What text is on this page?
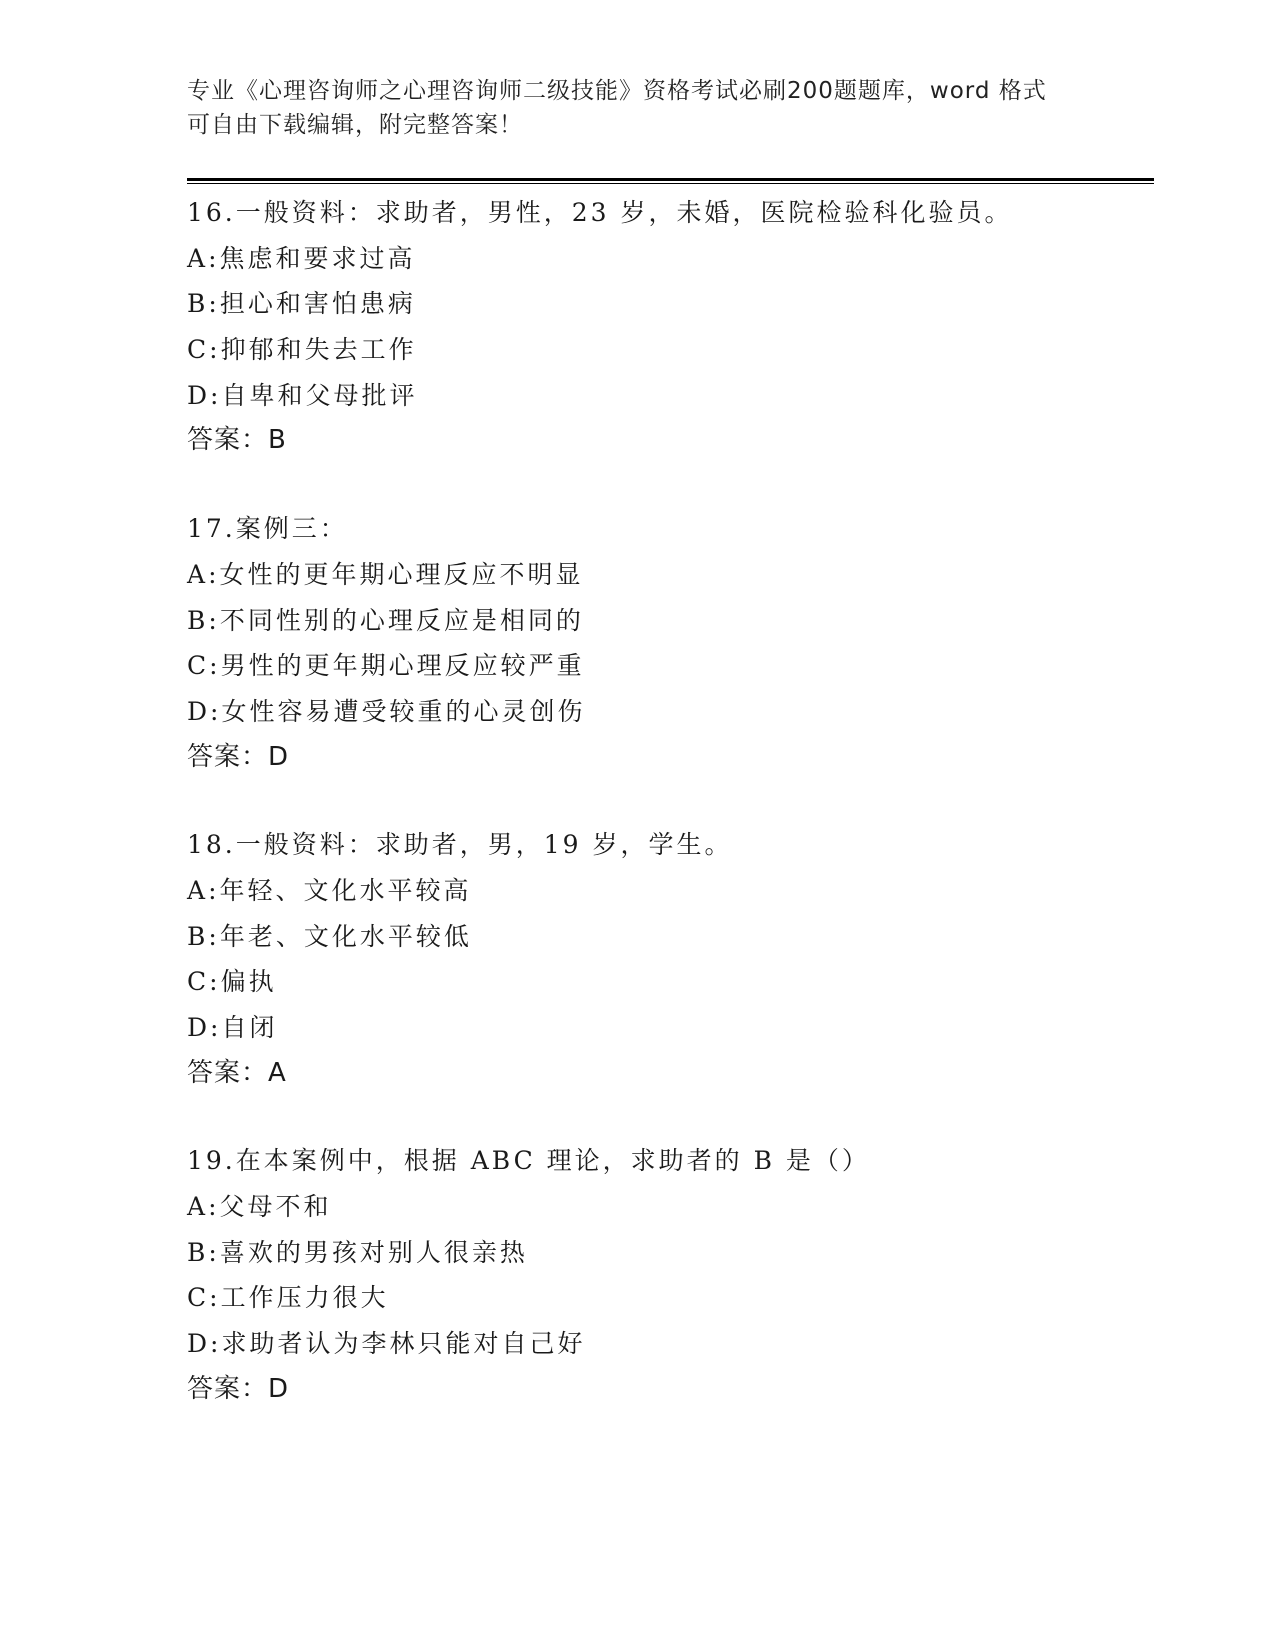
专业《心理咨询师之心理咨询师二级技能》资格考试必刷200题题库，word 格式
可自由下载编辑，附完整答案！
16.一般资料：求助者，男性，23 岁，未婚，医院检验科化验员。
A:焦虑和要求过高
B:担心和害怕患病
C:抑郁和失去工作
D:自卑和父母批评
答案：B
17.案例三：
A:女性的更年期心理反应不明显
B:不同性别的心理反应是相同的
C:男性的更年期心理反应较严重
D:女性容易遭受较重的心灵创伤
答案：D
18.一般资料：求助者，男，19 岁，学生。
A:年轻、文化水平较高
B:年老、文化水平较低
C:偏执
D:自闭
答案：A
19.在本案例中，根据 ABC 理论，求助者的 B 是（）
A:父母不和
B:喜欢的男孩对别人很亲热
C:工作压力很大
D:求助者认为李林只能对自己好
答案：D
